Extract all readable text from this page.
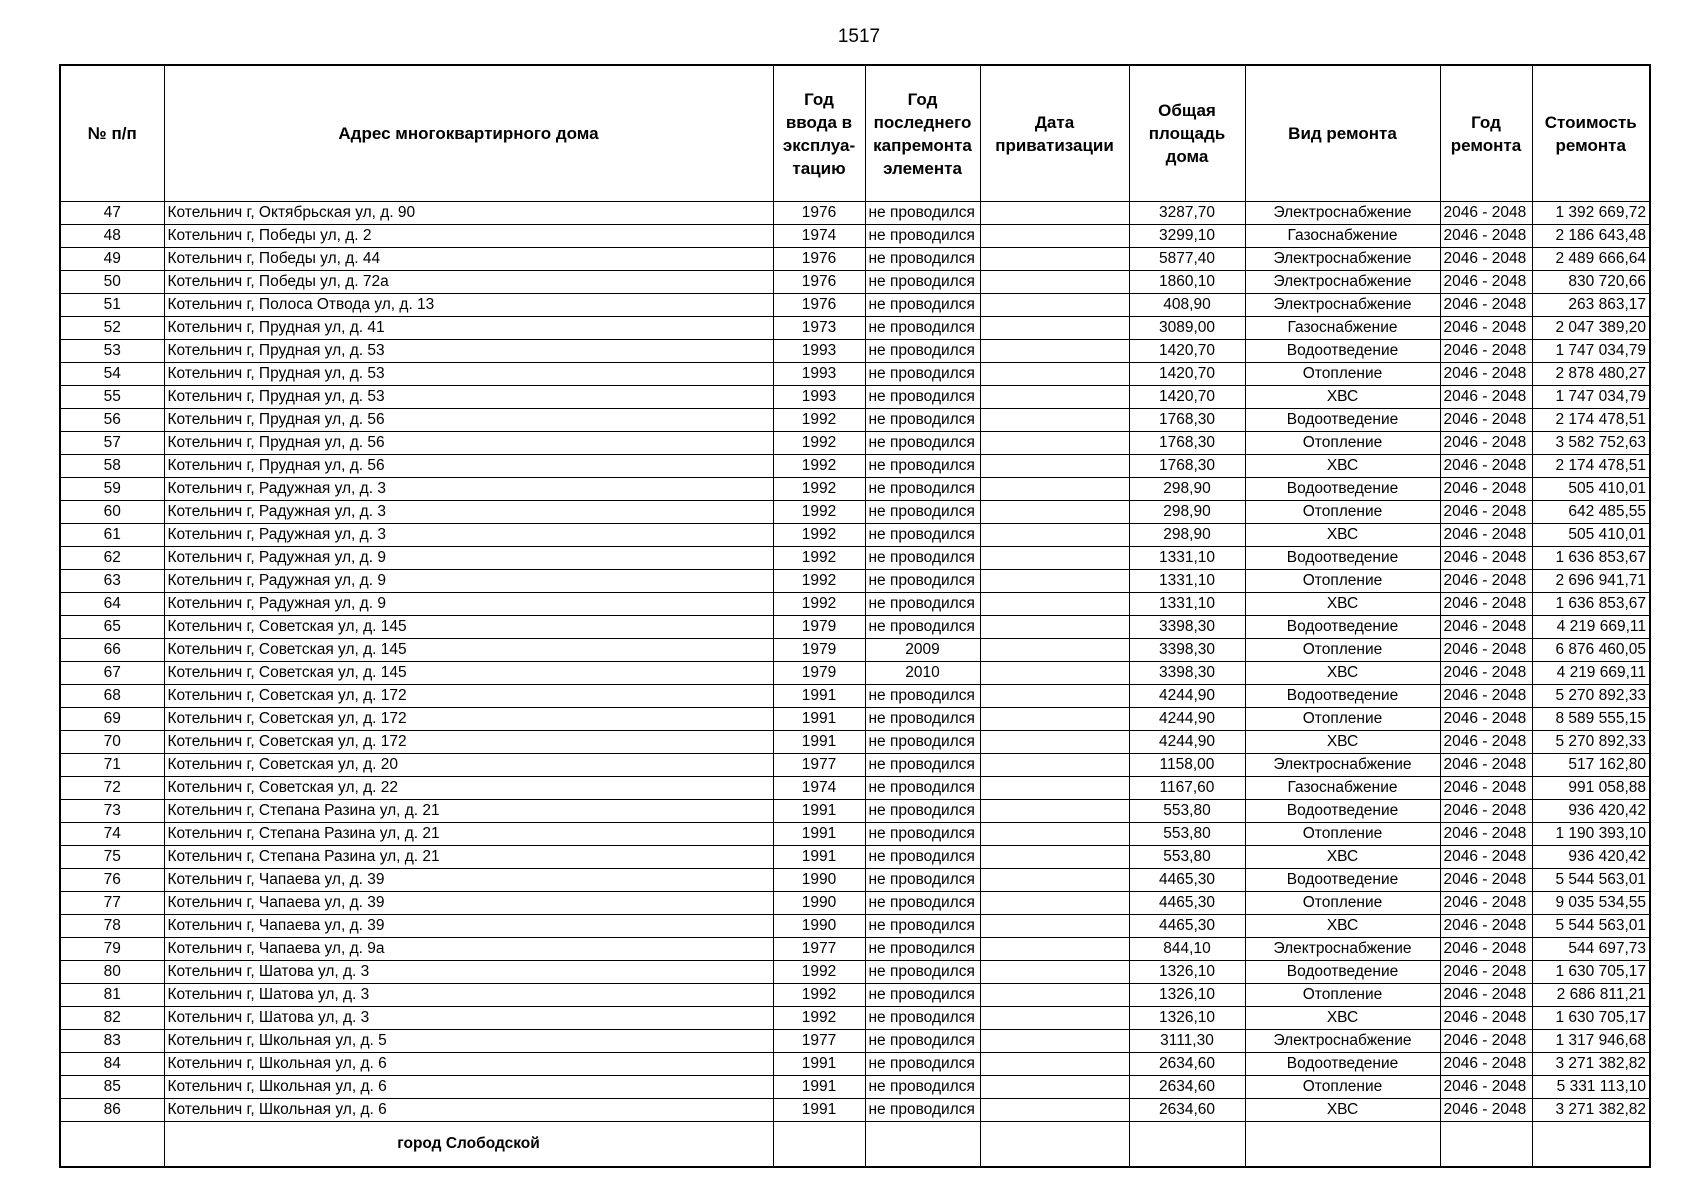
1517
№ п/п	Адрес многоквартирного дома	Год ввода в эксплуа-тацию	Год последнего капремонта элемента	Дата приватизации	Общая площадь дома	Вид ремонта	Год ремонта	Стоимость ремонта
47	Котельнич г, Октябрьская ул, д. 90	1976	не проводился		3287,70	Электроснабжение	2046 - 2048	1 392 669,72
48	Котельнич г, Победы ул, д. 2	1974	не проводился		3299,10	Газоснабжение	2046 - 2048	2 186 643,48
49	Котельнич г, Победы ул, д. 44	1976	не проводился		5877,40	Электроснабжение	2046 - 2048	2 489 666,64
50	Котельнич г, Победы ул, д. 72а	1976	не проводился		1860,10	Электроснабжение	2046 - 2048	830 720,66
51	Котельнич г, Полоса Отвода ул, д. 13	1976	не проводился		408,90	Электроснабжение	2046 - 2048	263 863,17
52	Котельнич г, Прудная ул, д. 41	1973	не проводился		3089,00	Газоснабжение	2046 - 2048	2 047 389,20
53	Котельнич г, Прудная ул, д. 53	1993	не проводился		1420,70	Водоотведение	2046 - 2048	1 747 034,79
54	Котельнич г, Прудная ул, д. 53	1993	не проводился		1420,70	Отопление	2046 - 2048	2 878 480,27
55	Котельнич г, Прудная ул, д. 53	1993	не проводился		1420,70	ХВС	2046 - 2048	1 747 034,79
56	Котельнич г, Прудная ул, д. 56	1992	не проводился		1768,30	Водоотведение	2046 - 2048	2 174 478,51
57	Котельнич г, Прудная ул, д. 56	1992	не проводился		1768,30	Отопление	2046 - 2048	3 582 752,63
58	Котельнич г, Прудная ул, д. 56	1992	не проводился		1768,30	ХВС	2046 - 2048	2 174 478,51
59	Котельнич г, Радужная ул, д. 3	1992	не проводился		298,90	Водоотведение	2046 - 2048	505 410,01
60	Котельнич г, Радужная ул, д. 3	1992	не проводился		298,90	Отопление	2046 - 2048	642 485,55
61	Котельнич г, Радужная ул, д. 3	1992	не проводился		298,90	ХВС	2046 - 2048	505 410,01
62	Котельнич г, Радужная ул, д. 9	1992	не проводился		1331,10	Водоотведение	2046 - 2048	1 636 853,67
63	Котельнич г, Радужная ул, д. 9	1992	не проводился		1331,10	Отопление	2046 - 2048	2 696 941,71
64	Котельнич г, Радужная ул, д. 9	1992	не проводился		1331,10	ХВС	2046 - 2048	1 636 853,67
65	Котельнич г, Советская ул, д. 145	1979	не проводился		3398,30	Водоотведение	2046 - 2048	4 219 669,11
66	Котельнич г, Советская ул, д. 145	1979	2009		3398,30	Отопление	2046 - 2048	6 876 460,05
67	Котельнич г, Советская ул, д. 145	1979	2010		3398,30	ХВС	2046 - 2048	4 219 669,11
68	Котельнич г, Советская ул, д. 172	1991	не проводился		4244,90	Водоотведение	2046 - 2048	5 270 892,33
69	Котельнич г, Советская ул, д. 172	1991	не проводился		4244,90	Отопление	2046 - 2048	8 589 555,15
70	Котельнич г, Советская ул, д. 172	1991	не проводился		4244,90	ХВС	2046 - 2048	5 270 892,33
71	Котельнич г, Советская ул, д. 20	1977	не проводился		1158,00	Электроснабжение	2046 - 2048	517 162,80
72	Котельнич г, Советская ул, д. 22	1974	не проводился		1167,60	Газоснабжение	2046 - 2048	991 058,88
73	Котельнич г, Степана Разина ул, д. 21	1991	не проводился		553,80	Водоотведение	2046 - 2048	936 420,42
74	Котельнич г, Степана Разина ул, д. 21	1991	не проводился		553,80	Отопление	2046 - 2048	1 190 393,10
75	Котельнич г, Степана Разина ул, д. 21	1991	не проводился		553,80	ХВС	2046 - 2048	936 420,42
76	Котельнич г, Чапаева ул, д. 39	1990	не проводился		4465,30	Водоотведение	2046 - 2048	5 544 563,01
77	Котельнич г, Чапаева ул, д. 39	1990	не проводился		4465,30	Отопление	2046 - 2048	9 035 534,55
78	Котельнич г, Чапаева ул, д. 39	1990	не проводился		4465,30	ХВС	2046 - 2048	5 544 563,01
79	Котельнич г, Чапаева ул, д. 9а	1977	не проводился		844,10	Электроснабжение	2046 - 2048	544 697,73
80	Котельнич г, Шатова ул, д. 3	1992	не проводился		1326,10	Водоотведение	2046 - 2048	1 630 705,17
81	Котельнич г, Шатова ул, д. 3	1992	не проводился		1326,10	Отопление	2046 - 2048	2 686 811,21
82	Котельнич г, Шатова ул, д. 3	1992	не проводился		1326,10	ХВС	2046 - 2048	1 630 705,17
83	Котельнич г, Школьная ул, д. 5	1977	не проводился		3111,30	Электроснабжение	2046 - 2048	1 317 946,68
84	Котельнич г, Школьная ул, д. 6	1991	не проводился		2634,60	Водоотведение	2046 - 2048	3 271 382,82
85	Котельнич г, Школьная ул, д. 6	1991	не проводился		2634,60	Отопление	2046 - 2048	5 331 113,10
86	Котельнич г, Школьная ул, д. 6	1991	не проводился		2634,60	ХВС	2046 - 2048	3 271 382,82
	город Слободской							
